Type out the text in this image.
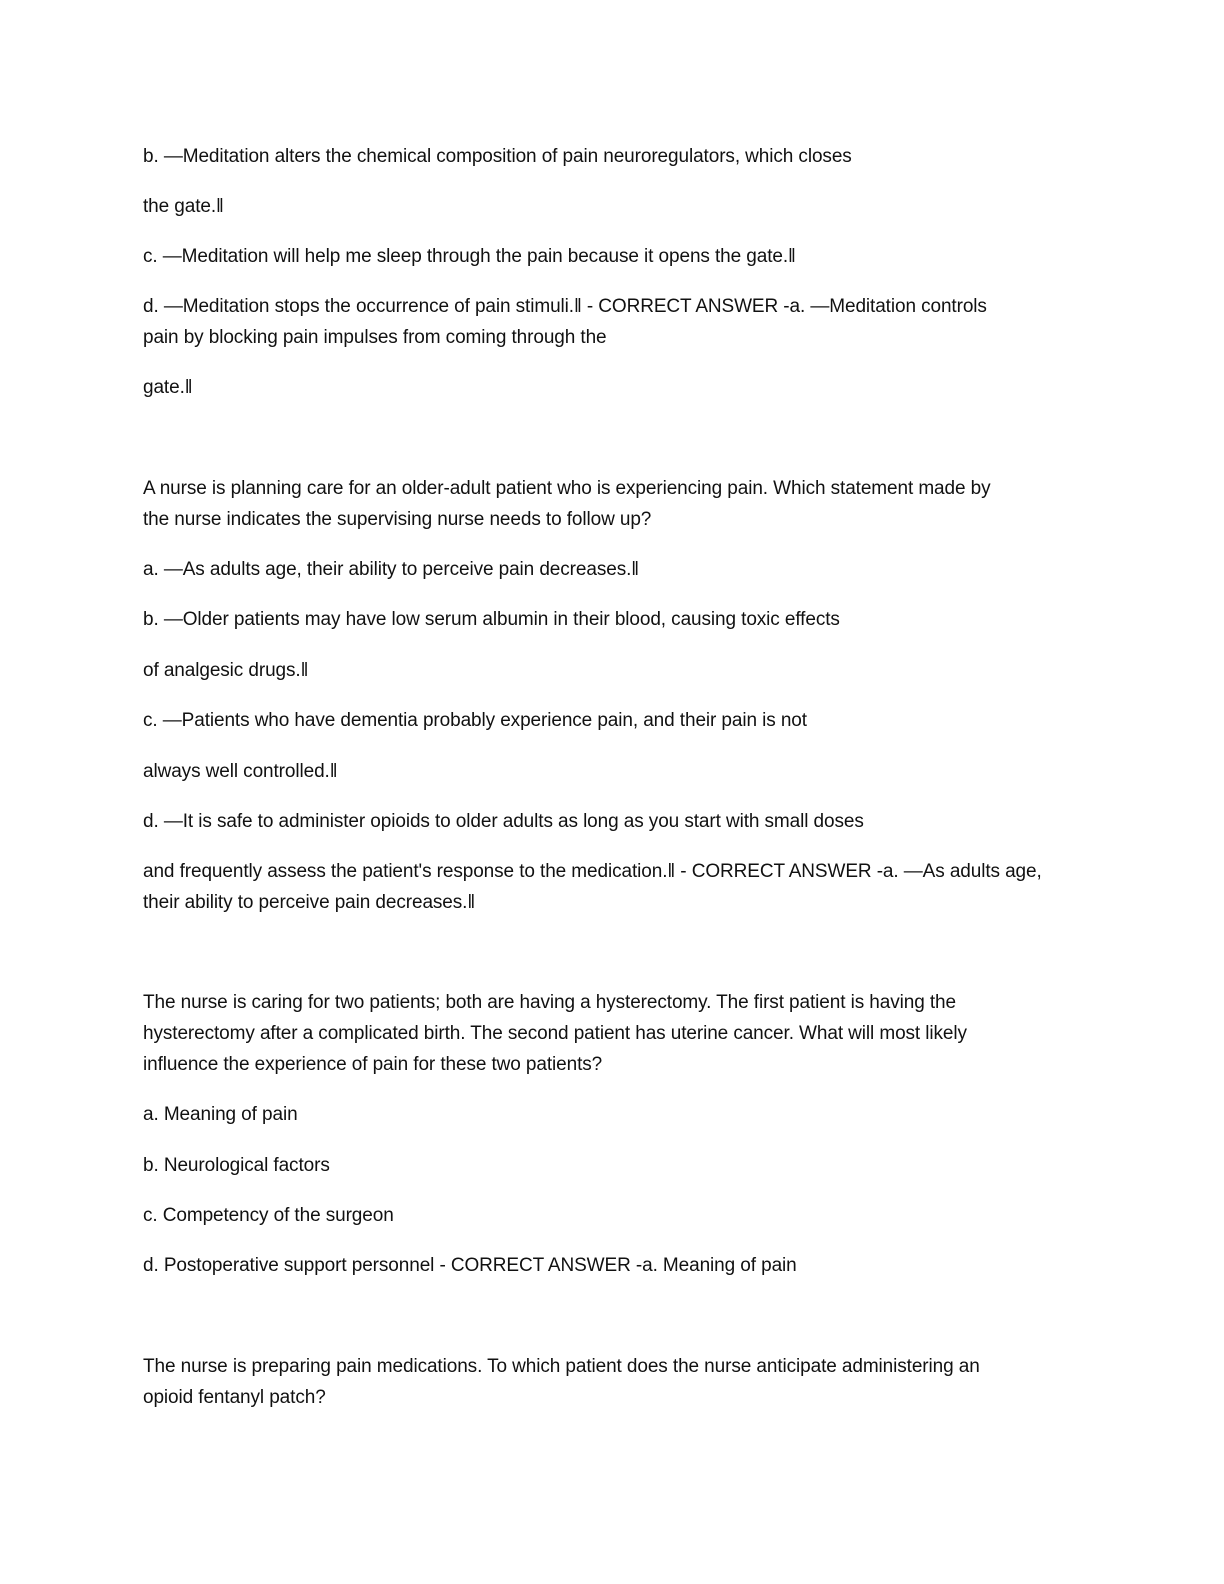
b. —Meditation alters the chemical composition of pain neuroregulators, which closes
the gate.‖
c. —Meditation will help me sleep through the pain because it opens the gate.‖
d. —Meditation stops the occurrence of pain stimuli.‖ - CORRECT ANSWER -a. —Meditation controls
pain by blocking pain impulses from coming through the
gate.‖
A nurse is planning care for an older-adult patient who is experiencing pain. Which statement made by
the nurse indicates the supervising nurse needs to follow up?
a. —As adults age, their ability to perceive pain decreases.‖
b. —Older patients may have low serum albumin in their blood, causing toxic effects
of analgesic drugs.‖
c. —Patients who have dementia probably experience pain, and their pain is not
always well controlled.‖
d. —It is safe to administer opioids to older adults as long as you start with small doses
and frequently assess the patient's response to the medication.‖ - CORRECT ANSWER -a. —As adults age,
their ability to perceive pain decreases.‖
The nurse is caring for two patients; both are having a hysterectomy. The first patient is having the
hysterectomy after a complicated birth. The second patient has uterine cancer. What will most likely
influence the experience of pain for these two patients?
a. Meaning of pain
b. Neurological factors
c. Competency of the surgeon
d. Postoperative support personnel - CORRECT ANSWER -a. Meaning of pain
The nurse is preparing pain medications. To which patient does the nurse anticipate administering an
opioid fentanyl patch?
